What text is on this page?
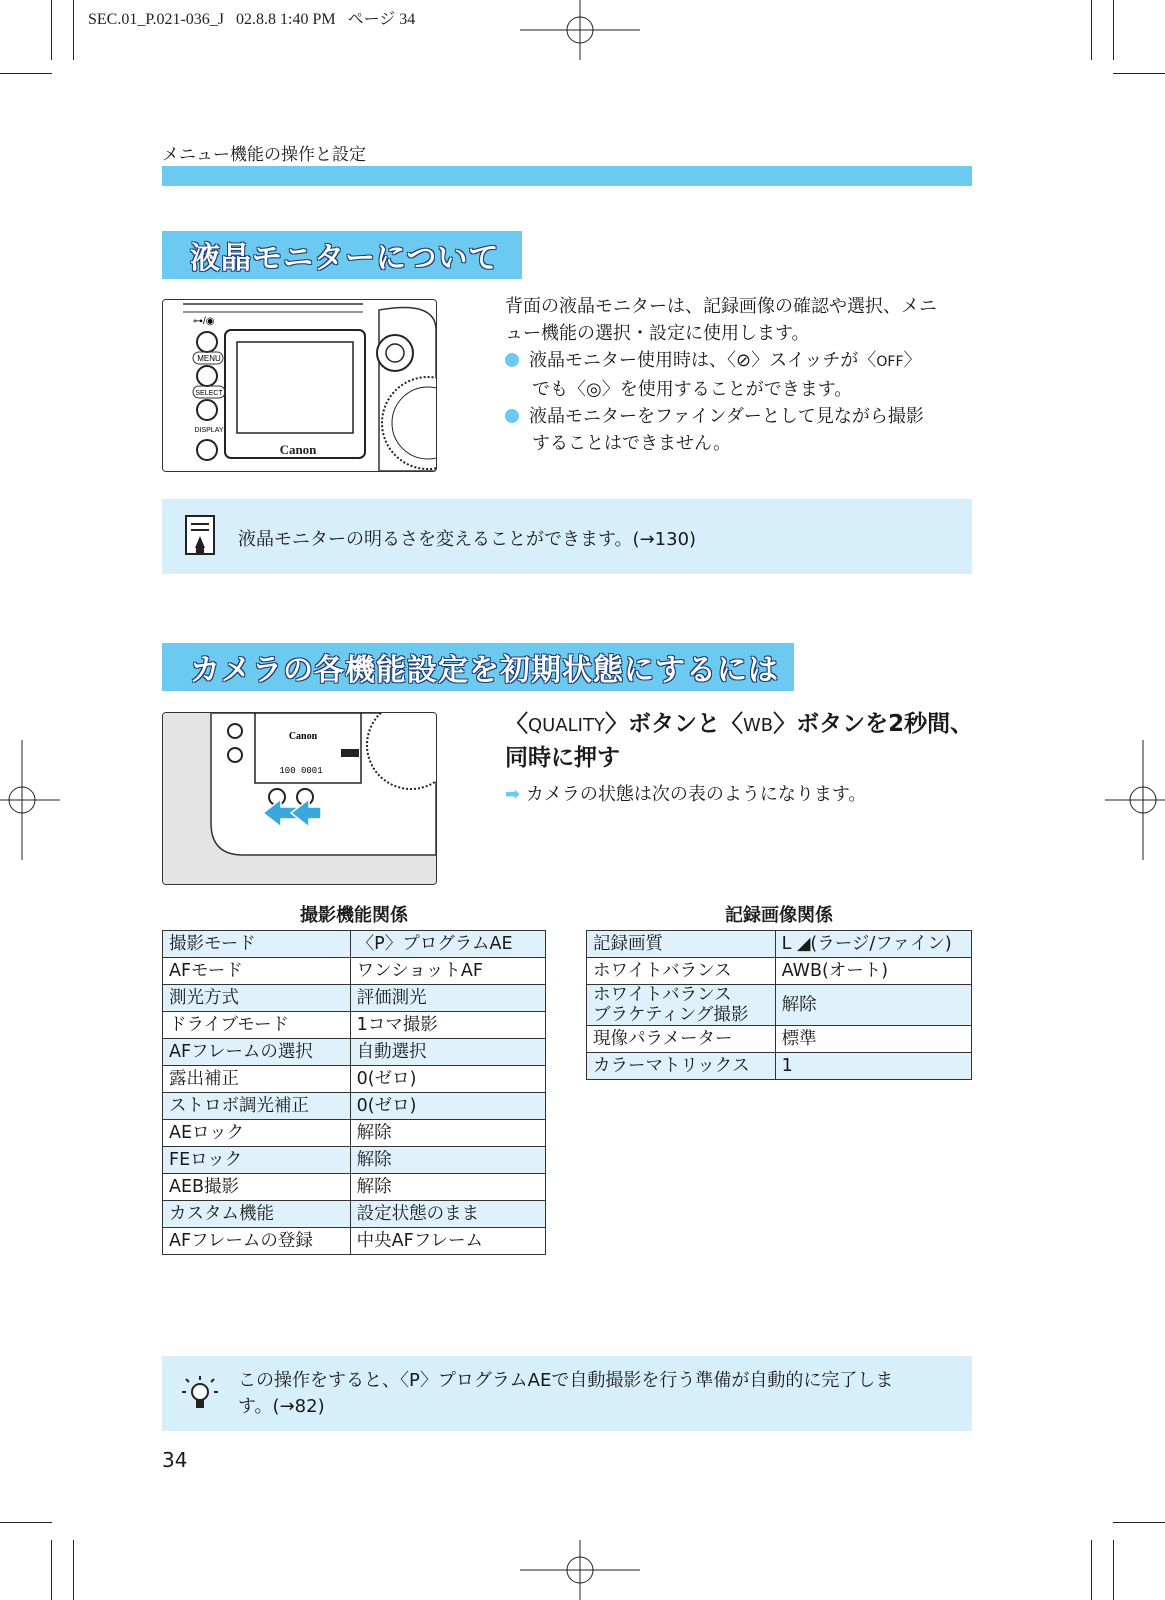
SEC.01_P.021-036_J   02.8.8 1:40 PM   ページ 34
メニュー機能の操作と設定
液晶モニターについて
MENU
SELECT
DISPLAY
⊶/◉
Canon
背面の液晶モニターは、記録画像の確認や選択、メニ
ュー機能の選択・設定に使用します。
液晶モニター使用時は、〈⊘〉スイッチが〈OFF〉
でも〈◎〉を使用することができます。
液晶モニターをファインダーとして見ながら撮影
することはできません。
液晶モニターの明るさを変えることができます。(→130)
カメラの各機能設定を初期状態にするには
Canon
100 0001
〈QUALITY〉ボタンと〈WB〉ボタンを2秒間、
同時に押す
➡ カメラの状態は次の表のようになります。
撮影機能関係
撮影モード	〈P〉プログラムAE
AFモード	ワンショットAF
測光方式	評価測光
ドライブモード	1コマ撮影
AFフレームの選択	自動選択
露出補正	0(ゼロ)
ストロボ調光補正	0(ゼロ)
AEロック	解除
FEロック	解除
AEB撮影	解除
カスタム機能	設定状態のまま
AFフレームの登録	中央AFフレーム
記録画像関係
記録画質	L ◢(ラージ/ファイン)
ホワイトバランス	AWB(オート)
ホワイトバランス
ブラケティング撮影	解除
現像パラメーター	標準
カラーマトリックス	1
この操作をすると、〈P〉プログラムAEで自動撮影を行う準備が自動的に完了しま
す。(→82)
34
